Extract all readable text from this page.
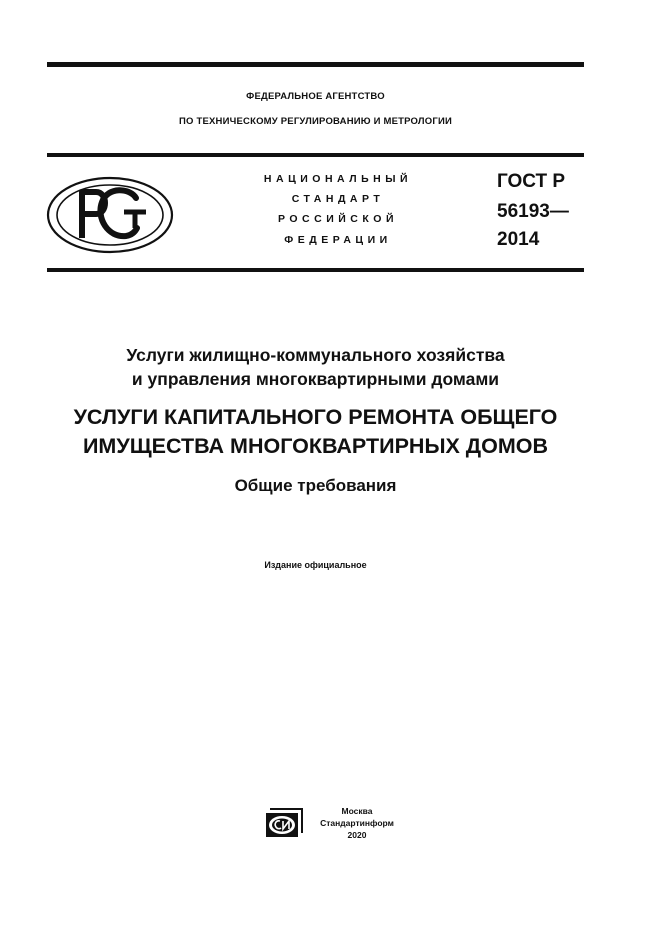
ФЕДЕРАЛЬНОЕ АГЕНТСТВО
ПО ТЕХНИЧЕСКОМУ РЕГУЛИРОВАНИЮ И МЕТРОЛОГИИ
НАЦИОНАЛЬНЫЙ
СТАНДАРТ
РОССИЙСКОЙ
ФЕДЕРАЦИИ
ГОСТ Р
56193—
2014
Услуги жилищно-коммунального хозяйства
и управления многоквартирными домами
УСЛУГИ КАПИТАЛЬНОГО РЕМОНТА ОБЩЕГО
ИМУЩЕСТВА МНОГОКВАРТИРНЫХ ДОМОВ
Общие требования
Издание официальное
Москва
Стандартинформ
2020
